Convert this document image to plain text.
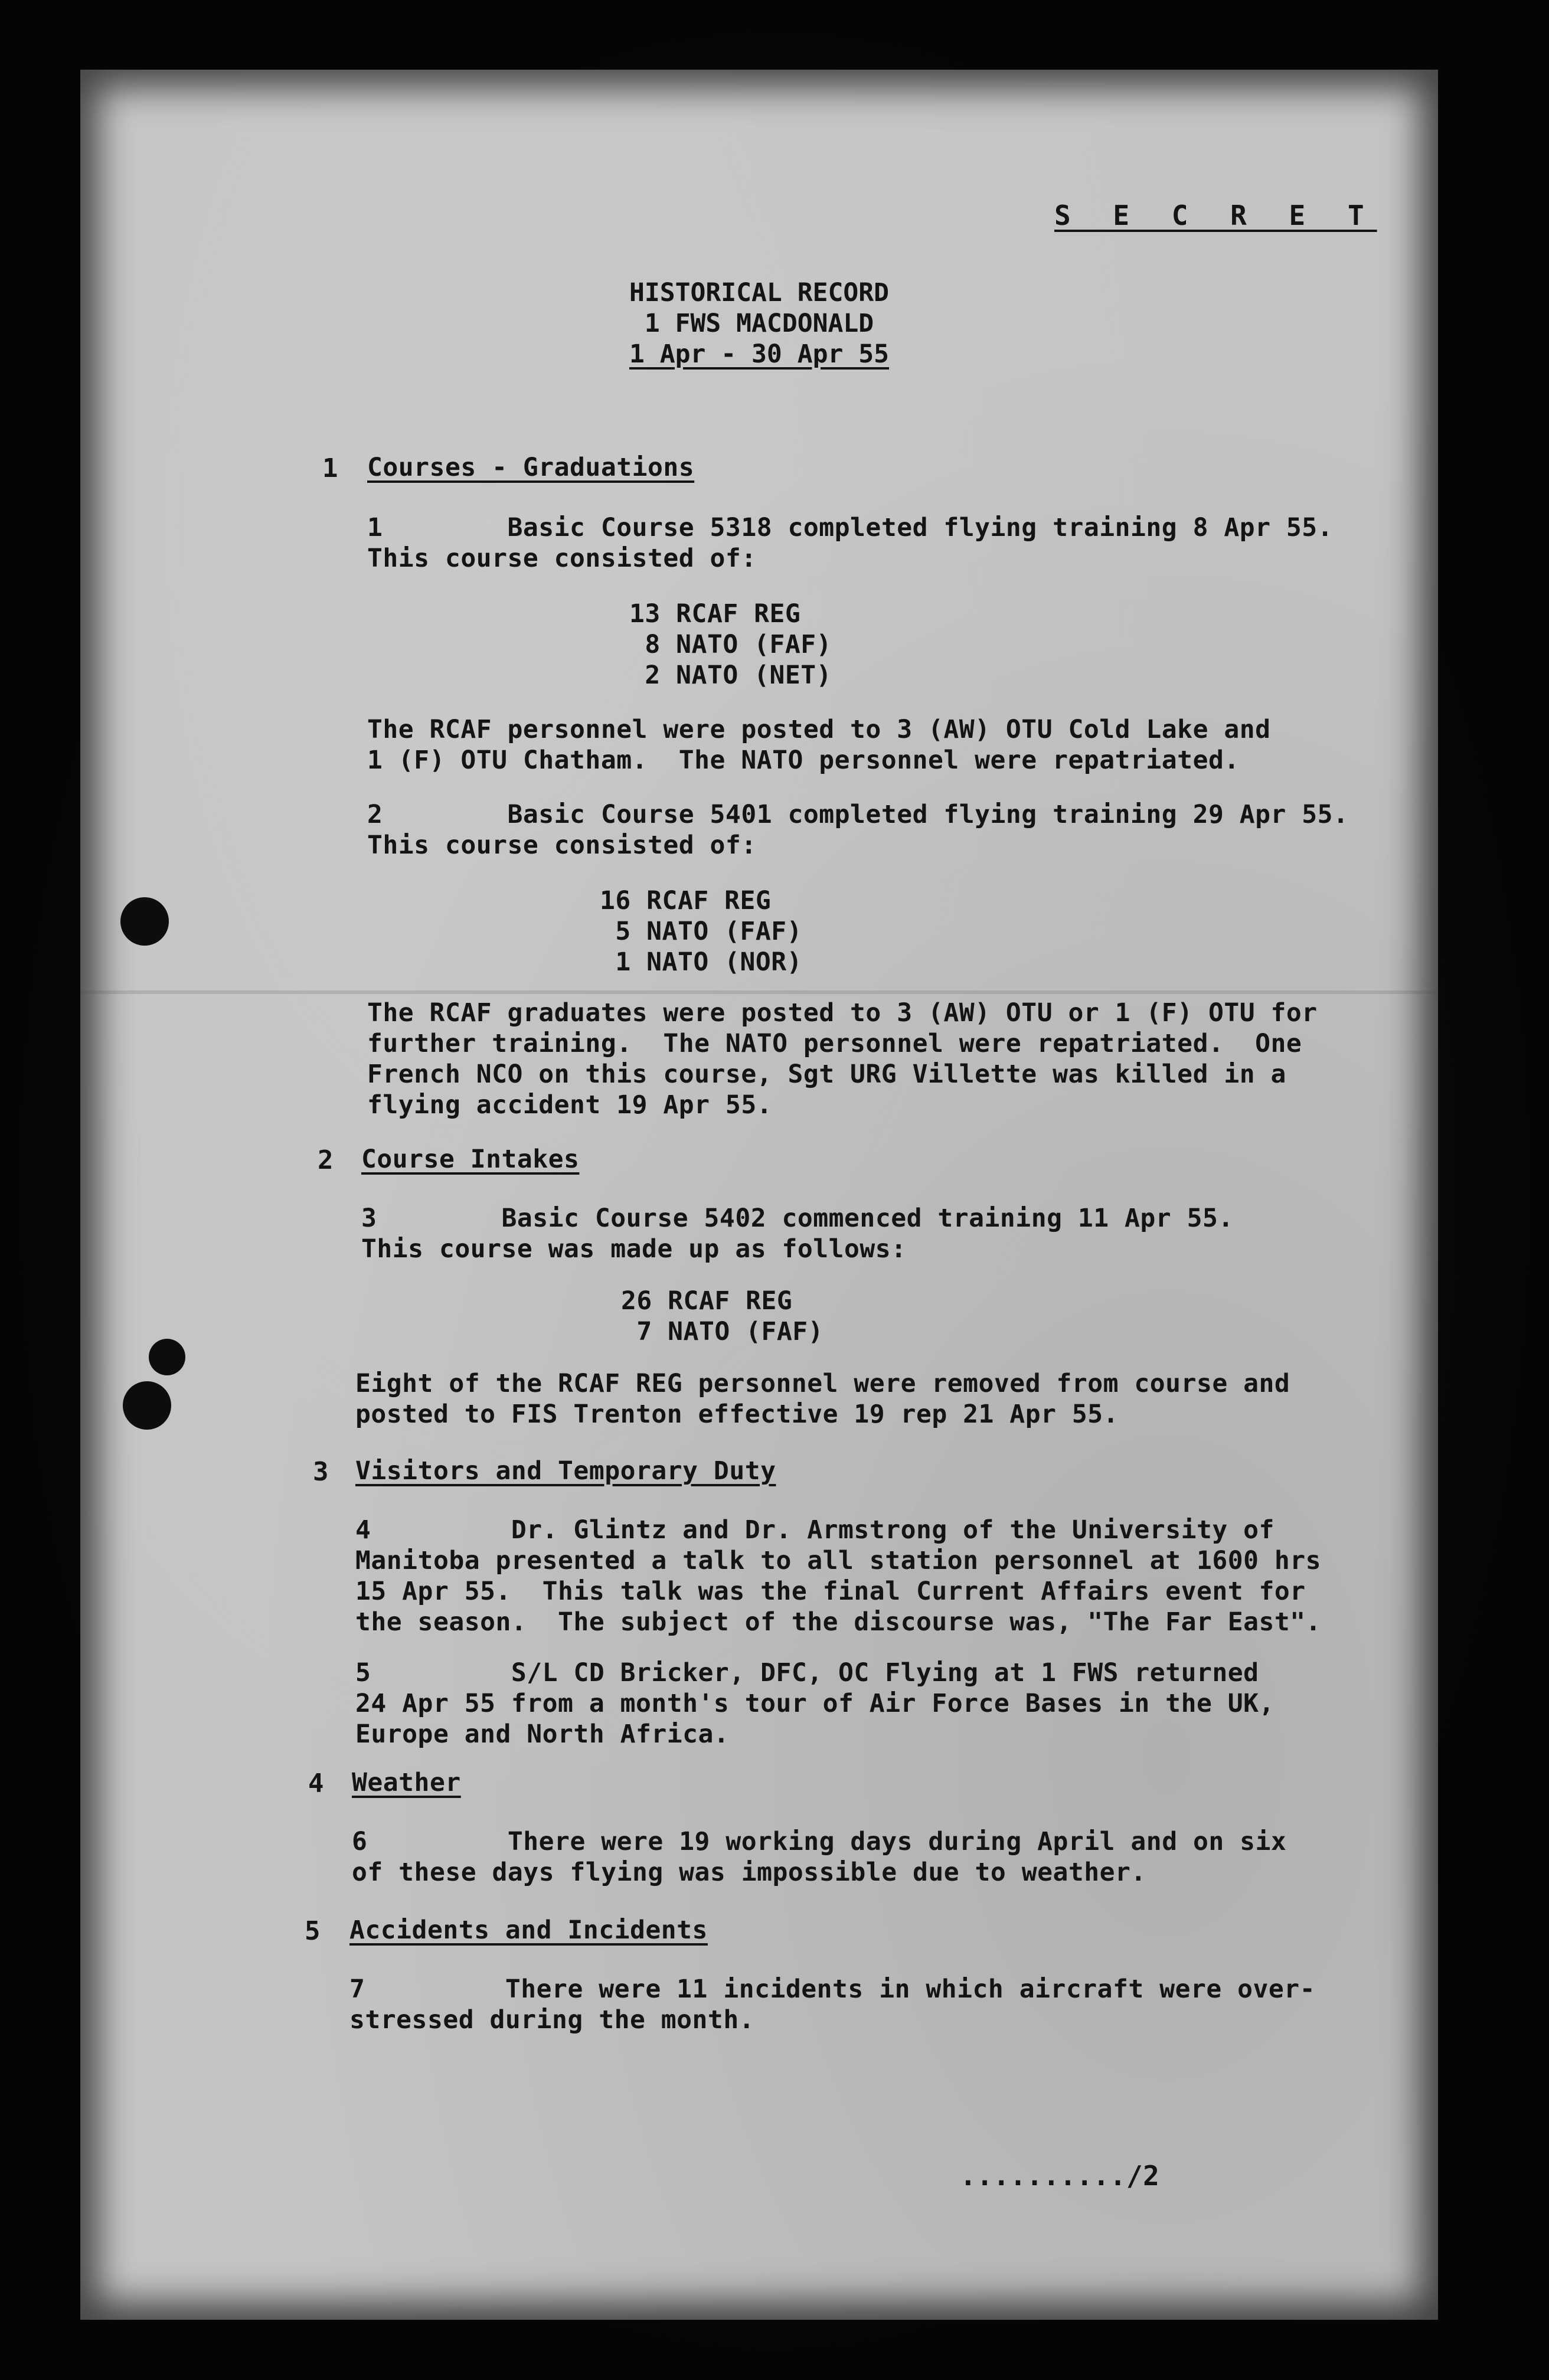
S E C R E T
HISTORICAL RECORD
1 FWS MACDONALD
1 Apr - 30 Apr 55
1 Courses - Graduations
1	Basic Course 5318 completed flying training 8 Apr 55.
This course consisted of:
13 RCAF REG
8 NATO (FAF)
2 NATO (NET)
The RCAF personnel were posted to 3 (AW) OTU Cold Lake and
1 (F) OTU Chatham.  The NATO personnel were repatriated.
2	Basic Course 5401 completed flying training 29 Apr 55.
This course consisted of:
16 RCAF REG
5 NATO (FAF)
1 NATO (NOR)
The RCAF graduates were posted to 3 (AW) OTU or 1 (F) OTU for
further training.  The NATO personnel were repatriated.  One
French NCO on this course, Sgt URG Villette was killed in a
flying accident 19 Apr 55.
2 Course Intakes
3	Basic Course 5402 commenced training 11 Apr 55.
This course was made up as follows:
26 RCAF REG
7 NATO (FAF)
Eight of the RCAF REG personnel were removed from course and
posted to FIS Trenton effective 19 rep 21 Apr 55.
3 Visitors and Temporary Duty
4	Dr. Glintz and Dr. Armstrong of the University of
Manitoba presented a talk to all station personnel at 1600 hrs
15 Apr 55.  This talk was the final Current Affairs event for
the season.  The subject of the discourse was, "The Far East".
5	S/L CD Bricker, DFC, OC Flying at 1 FWS returned
24 Apr 55 from a month's tour of Air Force Bases in the UK,
Europe and North Africa.
4 Weather
6	There were 19 working days during April and on six
of these days flying was impossible due to weather.
5 Accidents and Incidents
7	There were 11 incidents in which aircraft were over-
stressed during the month.
........../2
